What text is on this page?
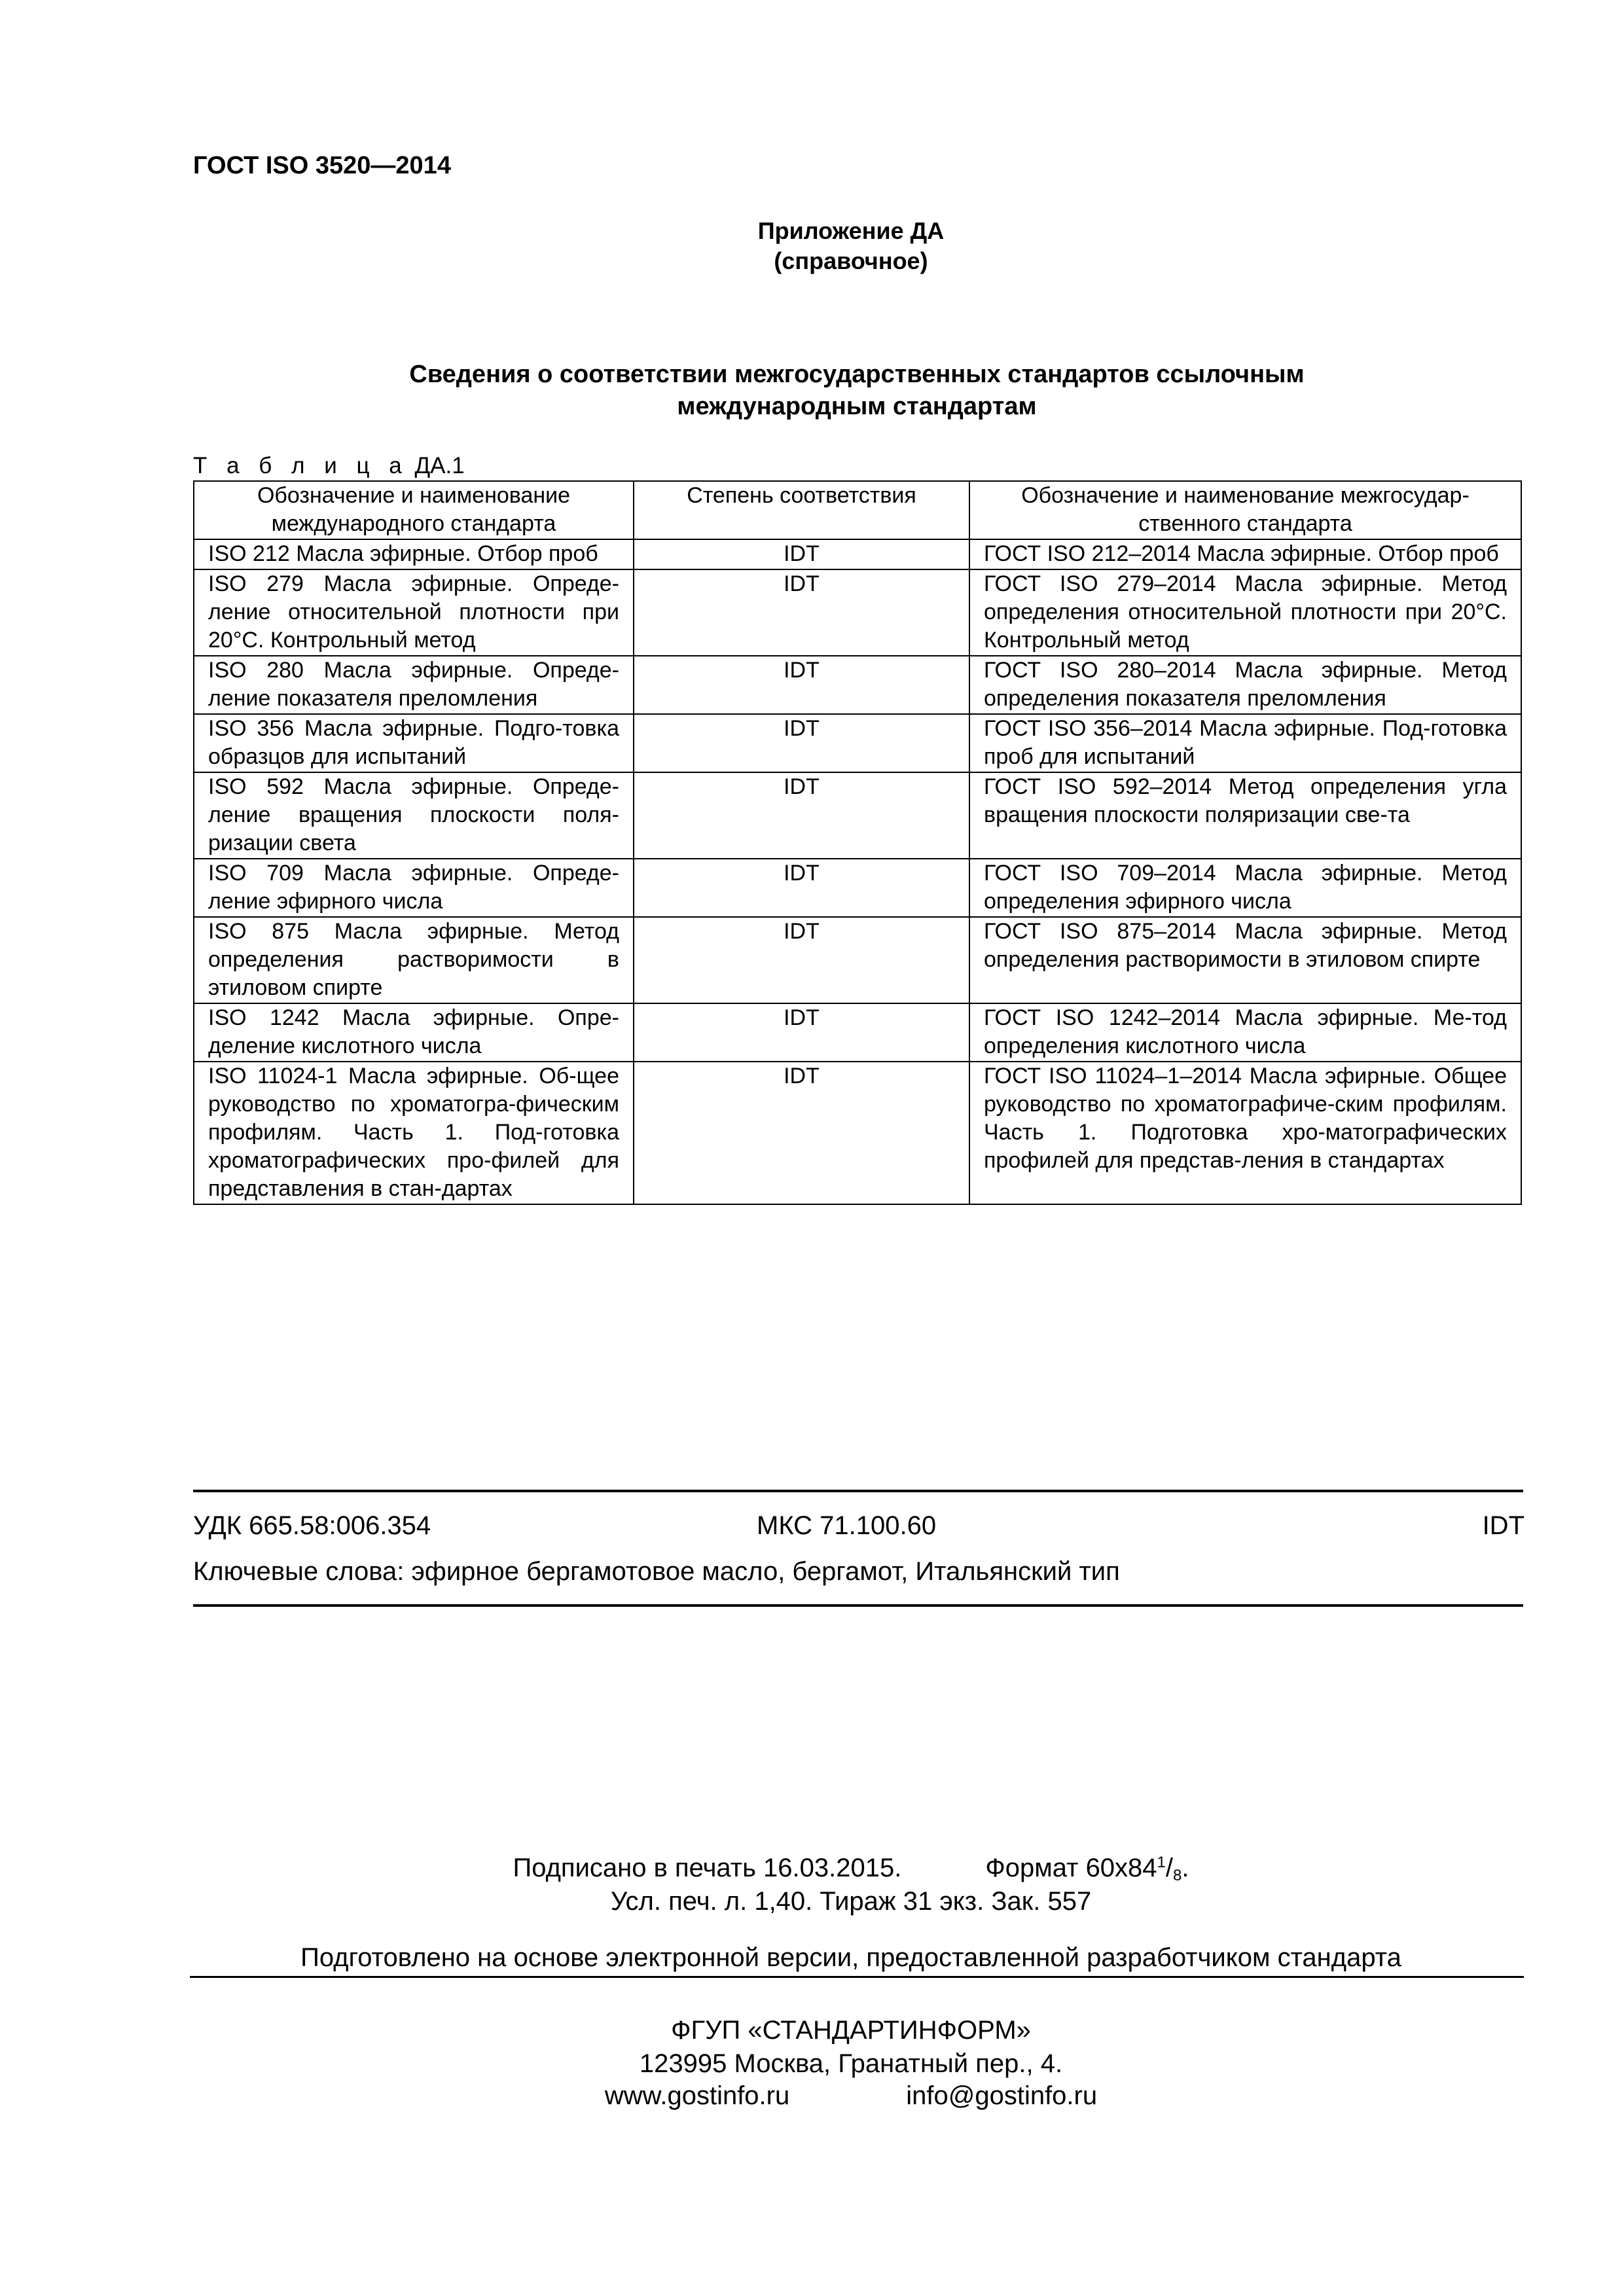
ГОСТ ISO 3520—2014
Приложение ДА
(справочное)
Сведения о соответствии межгосударственных стандартов ссылочным
международным стандартам
Т а б л и ц а ДА.1
Обозначение и наименование международного стандарта	Степень соответствия	Обозначение и наименование межгосудар-ственного стандарта
ISO 212 Масла эфирные. Отбор проб	IDT	ГОСТ ISO 212–2014 Масла эфирные. Отбор проб
ISO 279 Масла эфирные. Опреде-ление относительной плотности при 20°С. Контрольный метод	IDT	ГОСТ ISO 279–2014 Масла эфирные. Метод определения относительной плотности при 20°С. Контрольный метод
ISO 280 Масла эфирные. Опреде-ление показателя преломления	IDT	ГОСТ ISO 280–2014 Масла эфирные. Метод определения показателя преломления
ISO 356 Масла эфирные. Подго-товка образцов для испытаний	IDT	ГОСТ ISO 356–2014 Масла эфирные. Под-готовка проб для испытаний
ISO 592 Масла эфирные. Опреде-ление вращения плоскости поля-ризации света	IDT	ГОСТ ISO 592–2014 Метод определения угла вращения плоскости поляризации све-та
ISO 709 Масла эфирные. Опреде-ление эфирного числа	IDT	ГОСТ ISO 709–2014 Масла эфирные. Метод определения эфирного числа
ISO 875 Масла эфирные. Метод определения растворимости в этиловом спирте	IDT	ГОСТ ISO 875–2014 Масла эфирные. Метод определения растворимости в этиловом спирте
ISO 1242 Масла эфирные. Опре-деление кислотного числа	IDT	ГОСТ ISO 1242–2014 Масла эфирные. Ме-тод определения кислотного числа
ISO 11024-1 Масла эфирные. Об-щее руководство по хроматогра-фическим профилям. Часть 1. Под-готовка хроматографических про-филей для представления в стан-дартах	IDT	ГОСТ ISO 11024–1–2014 Масла эфирные. Общее руководство по хроматографиче-ским профилям. Часть 1. Подготовка хро-матографических профилей для представ-ления в стандартах
УДК 665.58:006.354	МКС 71.100.60	IDT
Ключевые слова: эфирное бергамотовое масло, бергамот, Итальянский тип
Подписано в печать 16.03.2015.	Формат $60x84^1/_8$.
Усл. печ. л. 1,40. Тираж 31 экз. Зак. 557
Подготовлено на основе электронной версии, предоставленной разработчиком стандарта
ФГУП «СТАНДАРТИНФОРМ»
123995 Москва, Гранатный пер., 4.
www.gostinfo.ru	info@gostinfo.ru
